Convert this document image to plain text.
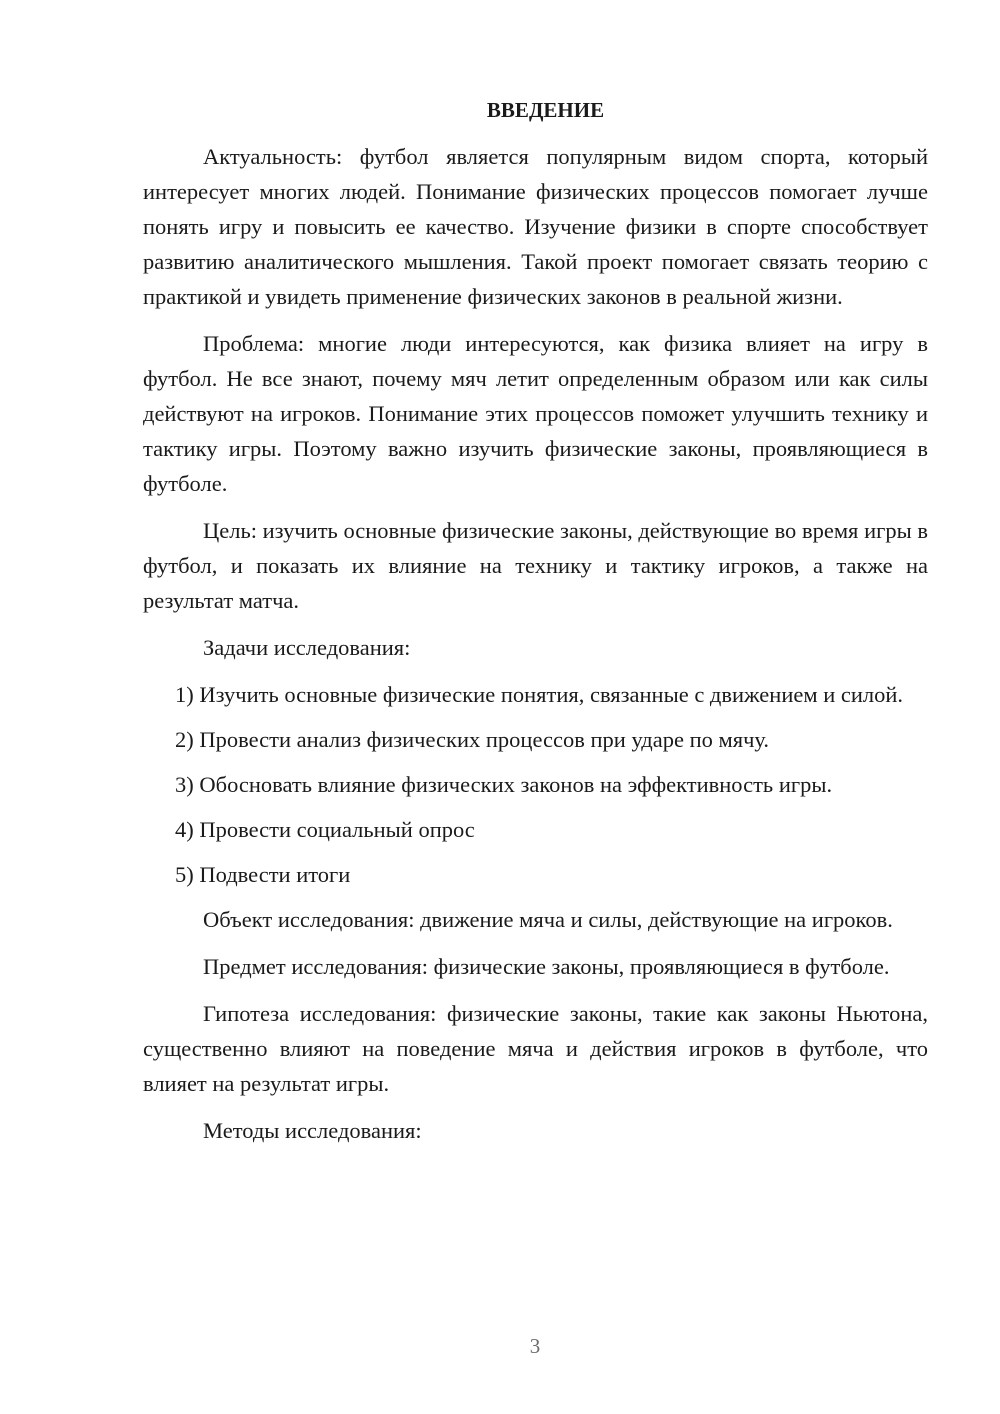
ВВЕДЕНИЕ

Актуальность: футбол является популярным видом спорта, который интересует многих людей. Понимание физических процессов помогает лучше понять игру и повысить ее качество. Изучение физики в спорте способствует развитию аналитического мышления. Такой проект помогает связать теорию с практикой и увидеть применение физических законов в реальной жизни.

Проблема: многие люди интересуются, как физика влияет на игру в футбол. Не все знают, почему мяч летит определенным образом или как силы действуют на игроков. Понимание этих процессов поможет улучшить технику и тактику игры. Поэтому важно изучить физические законы, проявляющиеся в футболе.

Цель: изучить основные физические законы, действующие во время игры в футбол, и показать их влияние на технику и тактику игроков, а также на результат матча.

Задачи исследования:

1) Изучить основные физические понятия, связанные с движением и силой.

2) Провести анализ физических процессов при ударе по мячу.

3) Обосновать влияние физических законов на эффективность игры.

4) Провести социальный опрос

5) Подвести итоги

Объект исследования: движение мяча и силы, действующие на игроков.

Предмет исследования: физические законы, проявляющиеся в футболе.

Гипотеза исследования: физические законы, такие как законы Ньютона, существенно влияют на поведение мяча и действия игроков в футболе, что влияет на результат игры.

Методы исследования:

3
